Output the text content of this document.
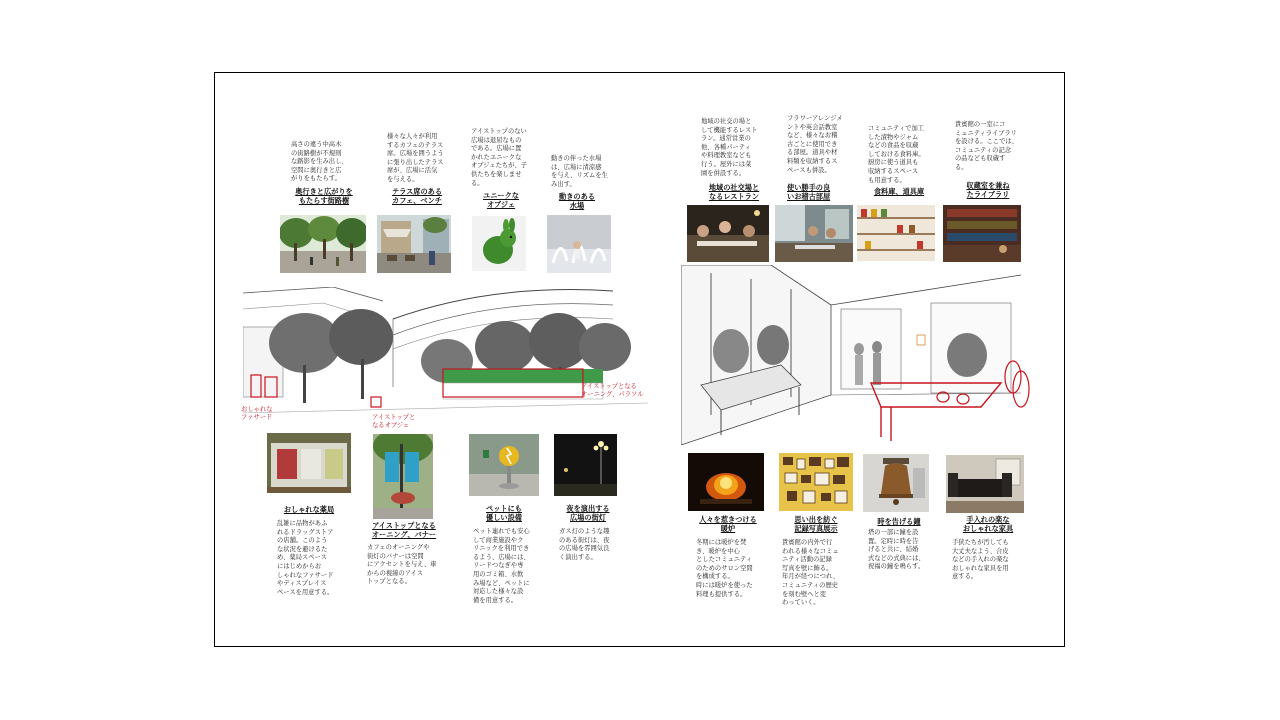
高さの違う中高木
の街路樹が不規則
な路影を生み出し、
空間に奥行きと広
がりをもたらす。
奥行きと広がりを
もたらす街路樹
様々な人々が利用
するカフェのテラス
席。広場を囲うよう
に張り出したテラス
席が、広場に活気
を与える。
テラス席のある
カフェ、ベンチ
アイストップのない
広場は退屈なもの
である。広場に置
かれたユニークな
オブジェたちが、子
供たちを楽しませ
る。
ユニークな
オブジェ
動きの伴った水場
は、広場に清涼感
を与え、リズムを生
み出す。
動きのある
水場
おしゃれな
ファサード	アイストップと
なるオブジェ
アイストップとなる
オーニング、パラソル
おしゃれな薬局
乱雑に品物があふ
れるドラッグストア
の店舗。このよう
な状況を避けるた
め、薬局スペース
にはじめからお
しゃれなファサード
やディスプレイス
ペースを用意する。
アイストップとなる
オーニング、バナー
カフェのオーニングや
街灯のバナーは空間
にアクセントを与え、車
からの視線のアイス
トップとなる。
ペットにも
優しい設備
ペット連れでも安心
して商業施設やク
リニックを利用でき
るよう、広場には、
リードつなぎや専
用のゴミ箱、水飲
み場など、ペットに
対応した様々な設
備を用意する。
夜を演出する
広場の街灯
ガス灯のような趣
のある街灯は、夜
の広場を雰囲気良
く演出する。
地域の社交の場と
して機能するレスト
ラン。通常営業の
他、各種パーティ
や料理教室なども
行う。屋外には菜
園を併設する。
地域の社交場と
なるレストラン
フラワーアレンジメ
ントや英会話教室
など、様々なお稽
古ごとに使用でき
る部屋。道具や材
料類を収納するス
ペースも併設。
使い勝手の良
いお稽古部屋
コミュニティで加工
した漬物やジャム
などの食品を収蔵
しておける食料庫。
厨房に使う道具も
収納するスペース
も用意する。
食料庫、道具庫
貴賓館の一室にコ
ミュニティライブラリ
を設ける。ここでは、
コミュニティの記念
の品なども収蔵す
る。
収蔵室を兼ね
たライブラリ
人々を惹きつける
暖炉
冬期には暖炉を焚
き、暖炉を中心
としたコミュニティ
のためのサロン空間
を構成する。
時には暖炉を使った
料理も提供する。
思い出を紡ぐ
記録写真展示
貴賓館の内外で行
われる様々なコミュ
ニティ活動の記録
写真を壁に飾る。
年月が経つにつれ、
コミュニティの歴史
を刻む壁へと変
わっていく。
時を告げる鐘
塔の一部に鐘を設
置。定時に時を告
げると共に、結婚
式などの式典には、
祝福の鐘を鳴らす。
手入れの楽な
おしゃれな家具
手狭たちが汚しても
大丈夫なよう、合皮
などの手入れの楽な
おしゃれな家具を用
意する。
